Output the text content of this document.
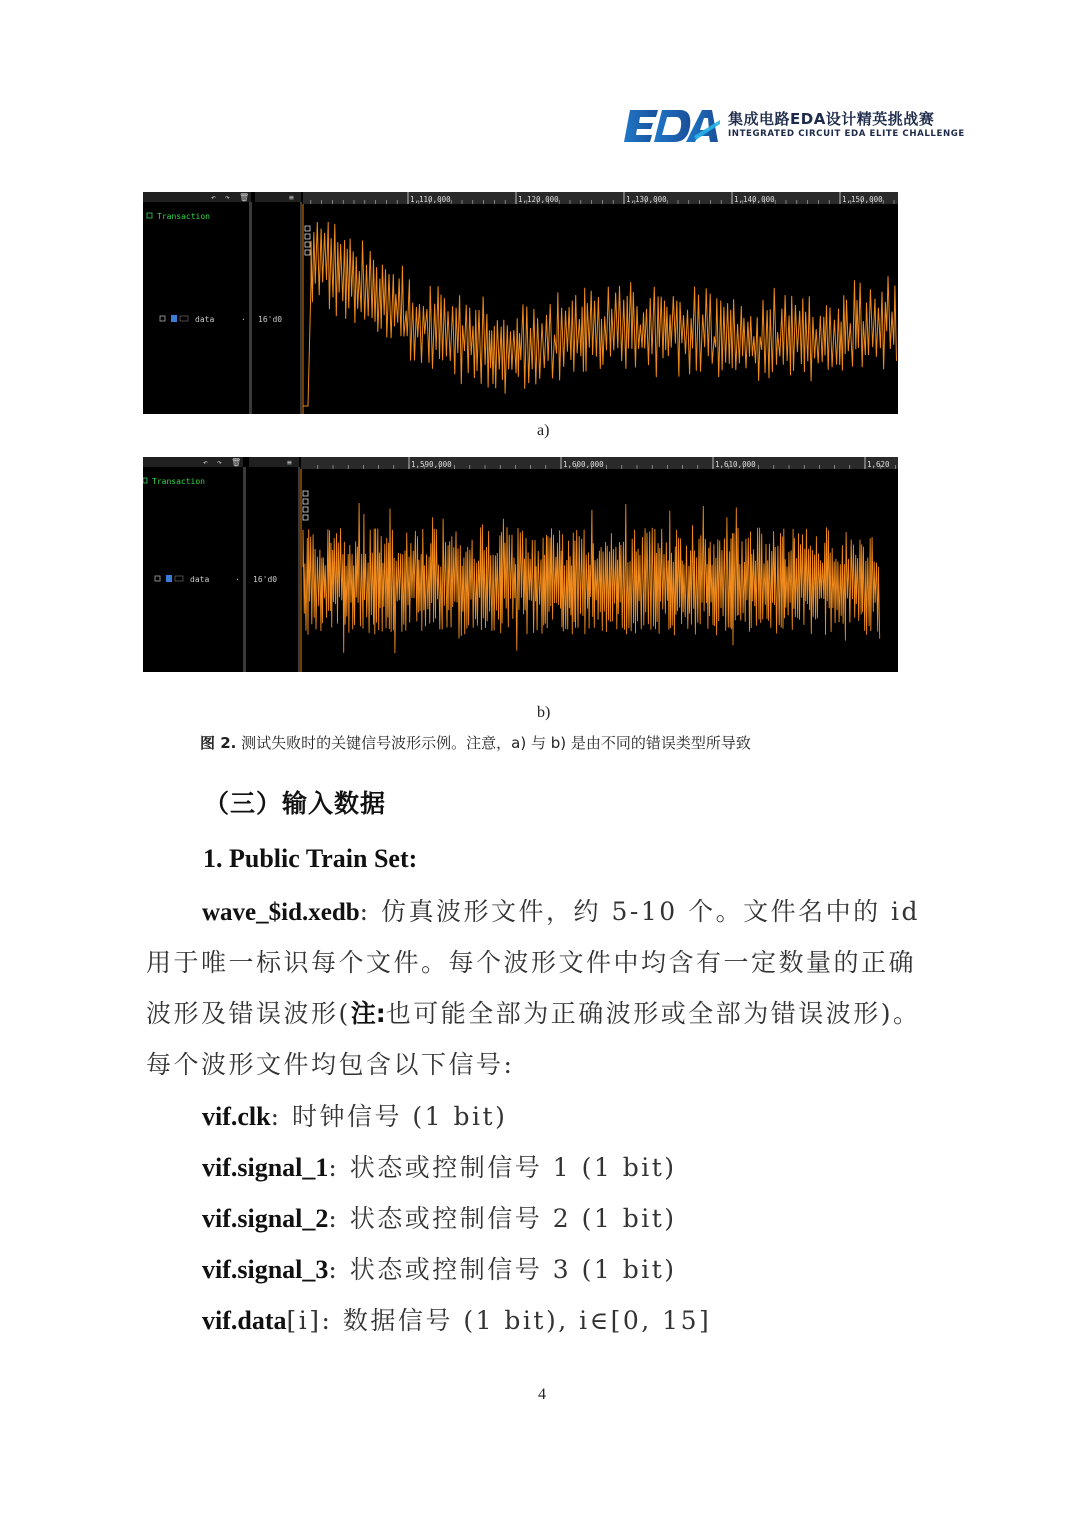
集成电路EDA设计精英挑战赛
INTEGRATED CIRCUIT EDA ELITE CHALLENGE
↶ ↷ 🗑
Transaction
data	·
≡
16'd0
1,110,000	1,120,000	1,130,000	1,140,000	1,150,000
a)
↶ ↷ 🗑
Transaction
data	·
≡
16'd0
1,590,000	1,600,000	1,610,000	1,620
b)
图 2. 测试失败时的关键信号波形示例。注意，a) 与 b) 是由不同的错误类型所导致
（三）输入数据
1. Public Train Set:
wave_$id.xedb: 仿真波形文件，约 5-10 个。文件名中的 id
用于唯一标识每个文件。每个波形文件中均含有一定数量的正确
波形及错误波形(注:也可能全部为正确波形或全部为错误波形)。
每个波形文件均包含以下信号:
vif.clk: 时钟信号 (1 bit)
vif.signal_1: 状态或控制信号 1 (1 bit)
vif.signal_2: 状态或控制信号 2 (1 bit)
vif.signal_3: 状态或控制信号 3 (1 bit)
vif.data[i]: 数据信号 (1 bit), i∈[0, 15]
4
